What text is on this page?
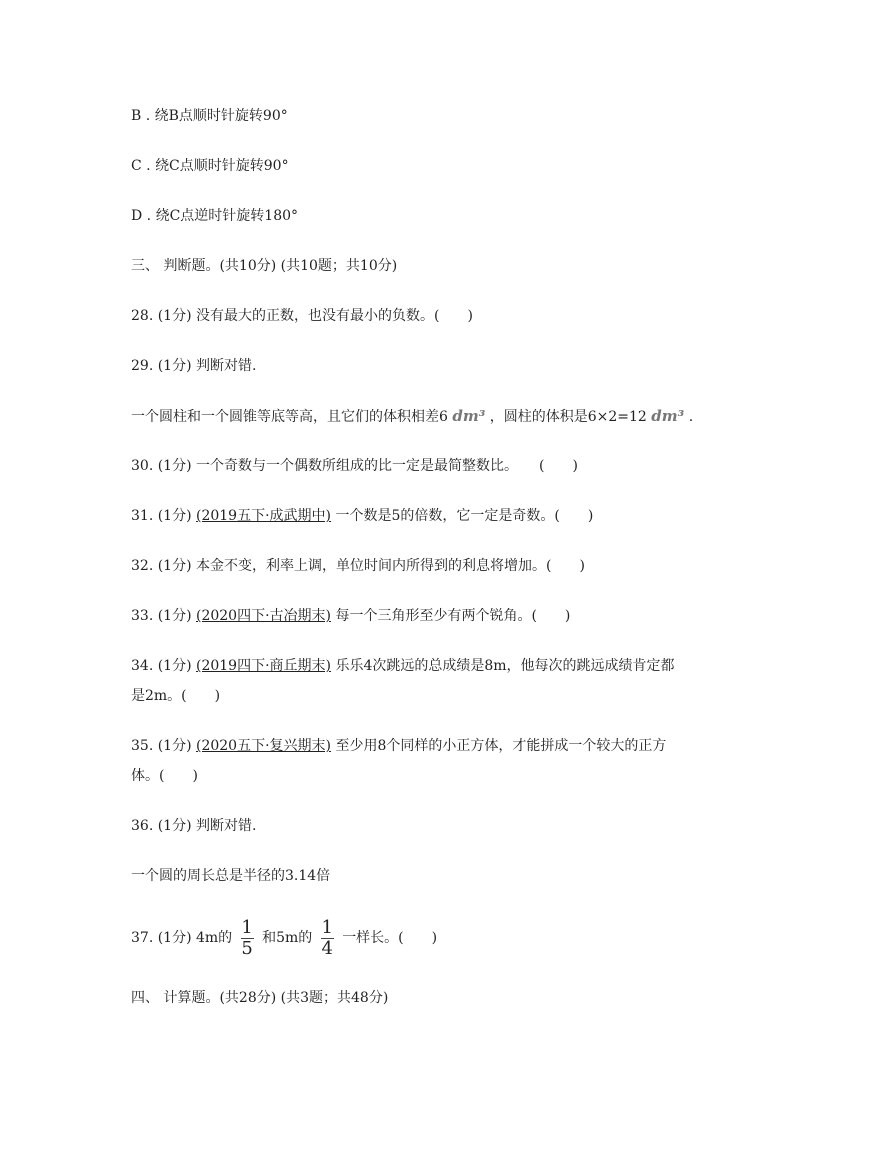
B . 绕B点顺时针旋转90°
C . 绕C点顺时针旋转90°
D . 绕C点逆时针旋转180°
三、 判断题。(共10分) (共10题；共10分)
28. (1分) 没有最大的正数，也没有最小的负数。(　　)
29. (1分) 判断对错.
一个圆柱和一个圆锥等底等高，且它们的体积相差6 dm³ ，圆柱的体积是6×2=12 dm³ .
30. (1分) 一个奇数与一个偶数所组成的比一定是最简整数比。　　(　　)
31. (1分) (2019五下·成武期中) 一个数是5的倍数，它一定是奇数。(　　)
32. (1分) 本金不变，利率上调，单位时间内所得到的利息将增加。(　　)
33. (1分) (2020四下·古冶期末) 每一个三角形至少有两个锐角。(　　)
34. (1分) (2019四下·商丘期末) 乐乐4次跳远的总成绩是8m，他每次的跳远成绩肯定都
是2m。(　　)
35. (1分) (2020五下·复兴期末) 至少用8个同样的小正方体，才能拼成一个较大的正方
体。(　　)
36. (1分) 判断对错.
一个圆的周长总是半径的3.14倍
37. (1分) 4m的 $\frac{1}{5}$ 和5m的 $\frac{1}{4}$ 一样长。(　　)
四、 计算题。(共28分) (共3题；共48分)
